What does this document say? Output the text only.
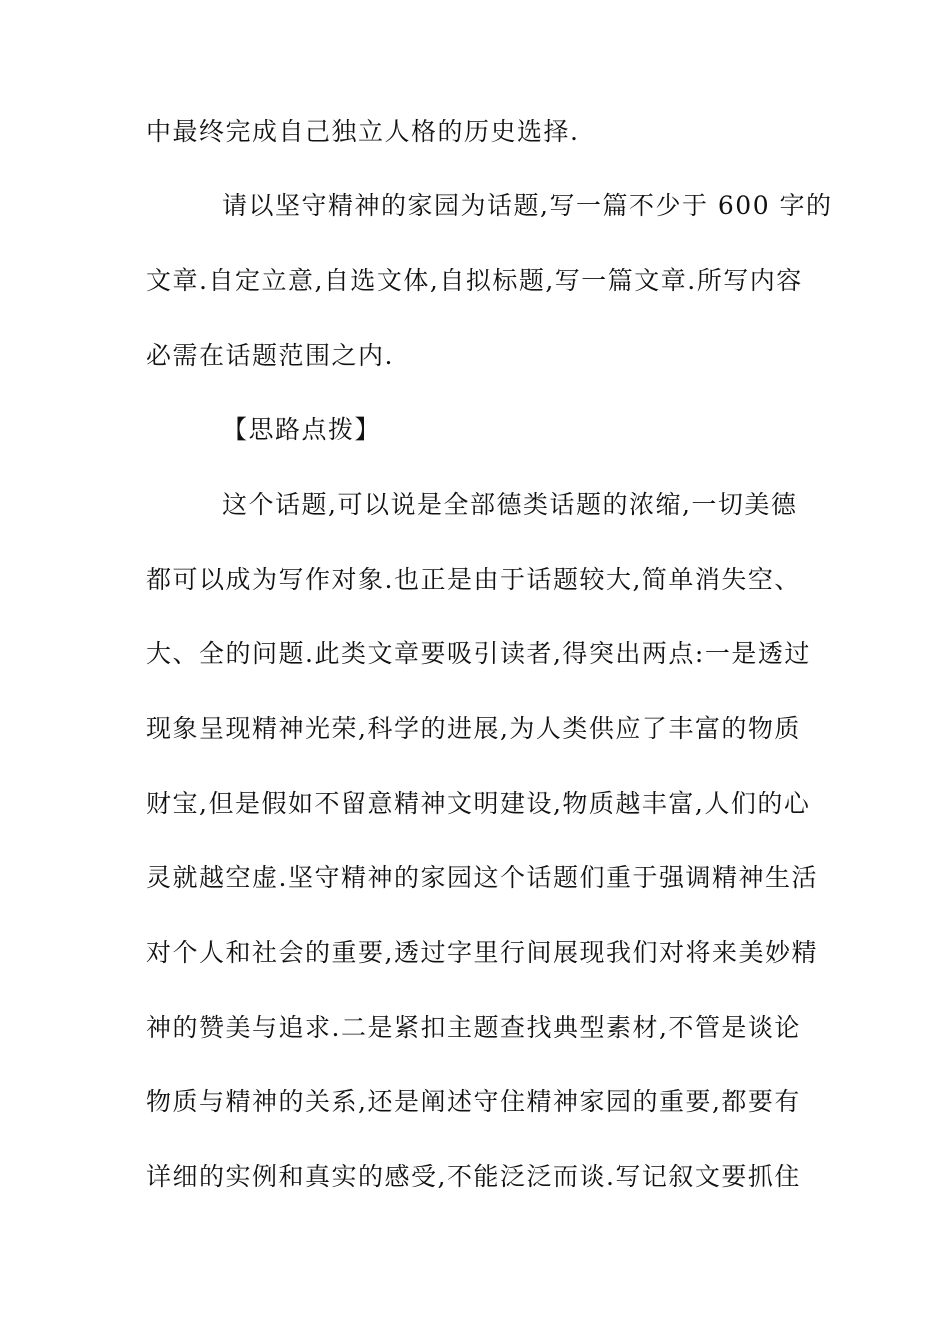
中最终完成自己独立人格的历史选择.
请以坚守精神的家园为话题,写一篇不少于 600 字的
文章.自定立意,自选文体,自拟标题,写一篇文章.所写内容
必需在话题范围之内.
【思路点拨】
这个话题,可以说是全部德类话题的浓缩,一切美德
都可以成为写作对象.也正是由于话题较大,简单消失空、
大、全的问题.此类文章要吸引读者,得突出两点:一是透过
现象呈现精神光荣,科学的进展,为人类供应了丰富的物质
财宝,但是假如不留意精神文明建设,物质越丰富,人们的心
灵就越空虚.坚守精神的家园这个话题们重于强调精神生活
对个人和社会的重要,透过字里行间展现我们对将来美妙精
神的赞美与追求.二是紧扣主题查找典型素材,不管是谈论
物质与精神的关系,还是阐述守住精神家园的重要,都要有
详细的实例和真实的感受,不能泛泛而谈.写记叙文要抓住
